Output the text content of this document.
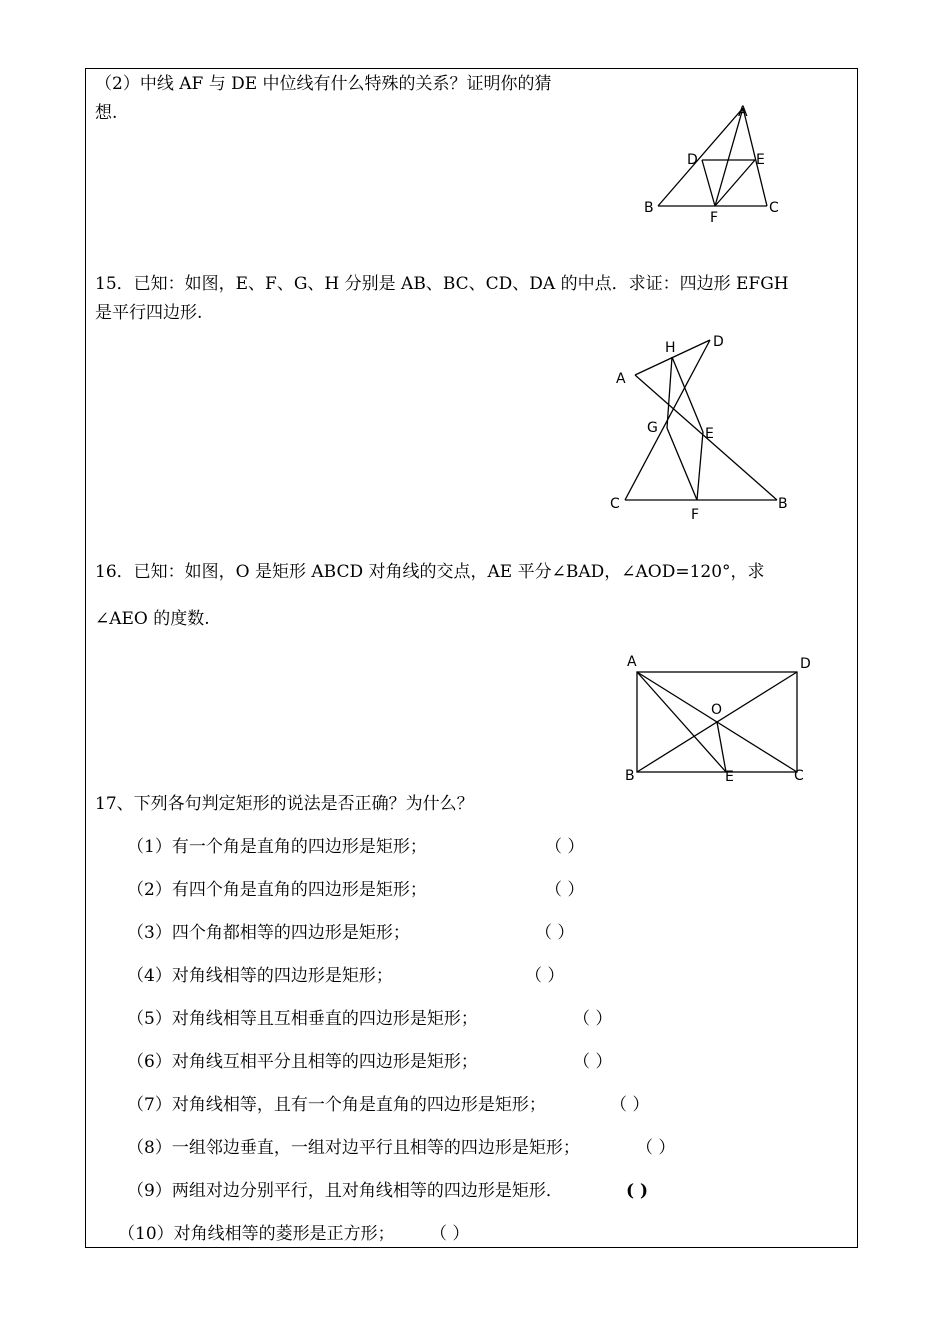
（2）中线 AF 与 DE 中位线有什么特殊的关系？证明你的猜
想.	A
D	E
B	C
F
15．已知：如图，E、F、G、H 分别是 AB、BC、CD、DA 的中点．求证：四边形 EFGH
是平行四边形.
H	D
A
G	E
C
F
B
16．已知：如图，O 是矩形 ABCD 对角线的交点，AE 平分∠BAD，∠AOD=120°，求
∠AEO 的度数.
A	D
O
B	E	C
17、下列各句判定矩形的说法是否正确？为什么？
（1）有一个角是直角的四边形是矩形；	（ ）
（2）有四个角是直角的四边形是矩形；	（ ）
（3）四个角都相等的四边形是矩形；	（ ）
（4）对角线相等的四边形是矩形；	（ ）
（5）对角线相等且互相垂直的四边形是矩形；	（ ）
（6）对角线互相平分且相等的四边形是矩形；	（ ）
（7）对角线相等，且有一个角是直角的四边形是矩形；	（ ）
（8）一组邻边垂直，一组对边平行且相等的四边形是矩形；	（ ）
（9）两组对边分别平行，且对角线相等的四边形是矩形．	( )
（10）对角线相等的菱形是正方形； （ ）
